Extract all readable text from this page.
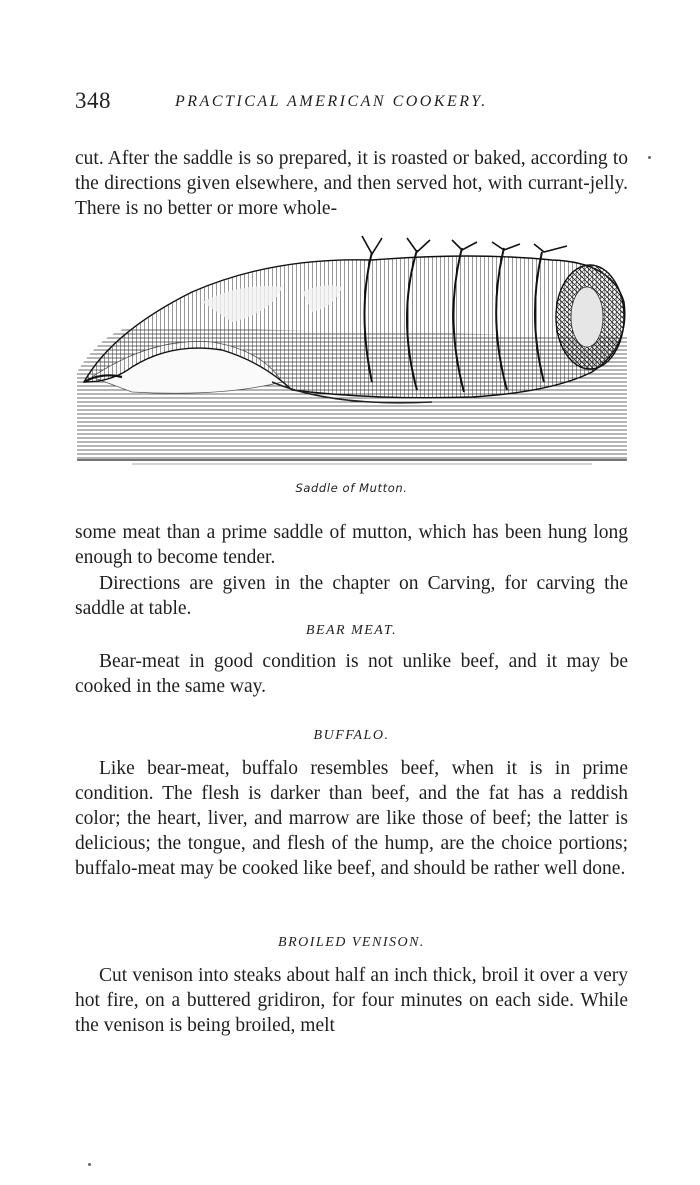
348	PRACTICAL AMERICAN COOKERY.

cut. After the saddle is so prepared, it is roasted or baked, according to the directions given elsewhere, and then served hot, with currant-jelly. There is no better or more whole-

Saddle of Mutton.

some meat than a prime saddle of mutton, which has been hung long enough to become tender.

Directions are given in the chapter on Carving, for carving the saddle at table.

BEAR MEAT.

Bear-meat in good condition is not unlike beef, and it may be cooked in the same way.

BUFFALO.

Like bear-meat, buffalo resembles beef, when it is in prime condition. The flesh is darker than beef, and the fat has a reddish color; the heart, liver, and marrow are like those of beef; the latter is delicious; the tongue, and flesh of the hump, are the choice portions; buffalo-meat may be cooked like beef, and should be rather well done.

BROILED VENISON.

Cut venison into steaks about half an inch thick, broil it over a very hot fire, on a buttered gridiron, for four minutes on each side. While the venison is being broiled, melt
